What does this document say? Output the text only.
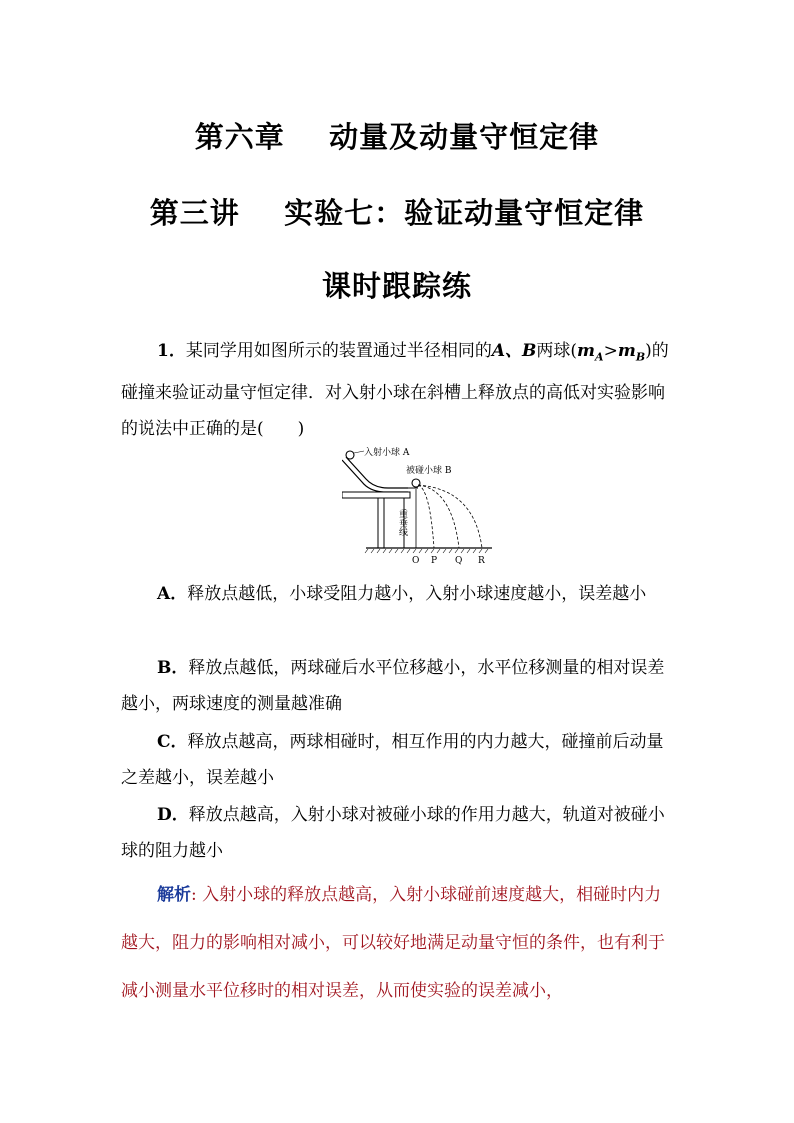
第六章    动量及动量守恒定律
第三讲    实验七：验证动量守恒定律
课时跟踪练
1．某同学用如图所示的装置通过半径相同的A、B两球$(m_A>m_B)$的碰撞来验证动量守恒定律．对入射小球在斜槽上释放点的高低对实验影响的说法中正确的是(　　)
入射小球 A
被碰小球 B
重垂线
O P Q R
A．释放点越低，小球受阻力越小，入射小球速度越小，误差越小
B．释放点越低，两球碰后水平位移越小，水平位移测量的相对误差越小，两球速度的测量越准确
C．释放点越高，两球相碰时，相互作用的内力越大，碰撞前后动量之差越小，误差越小
D．释放点越高，入射小球对被碰小球的作用力越大，轨道对被碰小球的阻力越小
解析: 入射小球的释放点越高，入射小球碰前速度越大，相碰时内力越大，阻力的影响相对减小，可以较好地满足动量守恒的条件，也有利于减小测量水平位移时的相对误差，从而使实验的误差减小，
